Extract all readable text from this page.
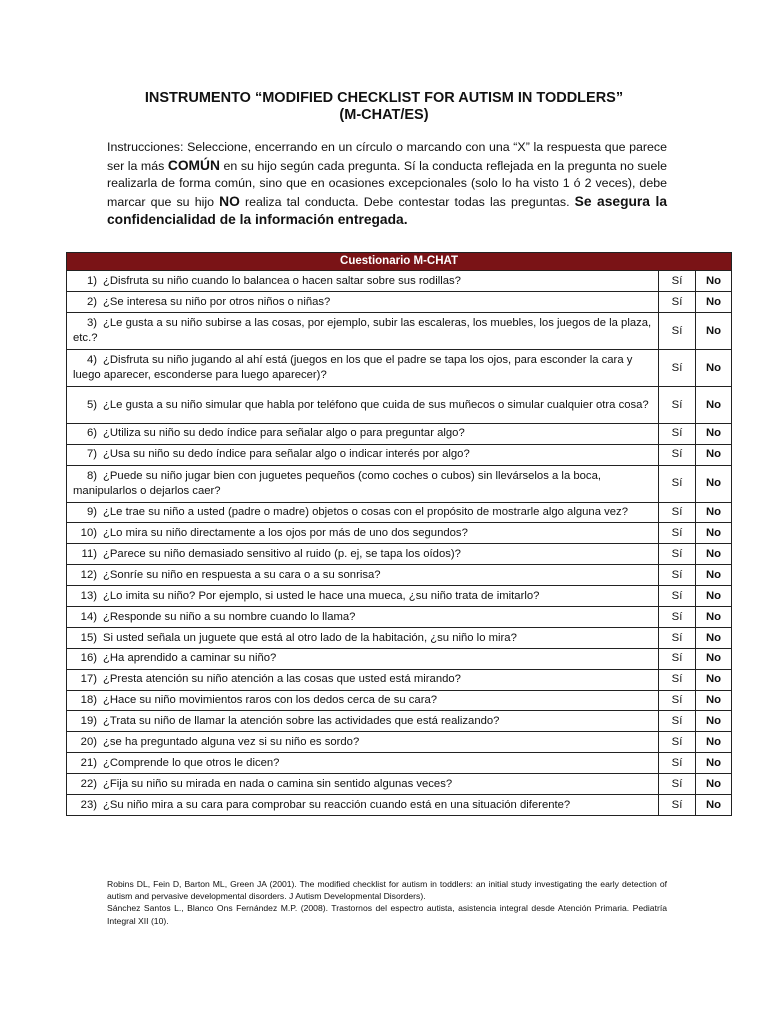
INSTRUMENTO “MODIFIED CHECKLIST FOR AUTISM IN TODDLERS”
(M-CHAT/ES)
Instrucciones: Seleccione, encerrando en un círculo o marcando con una “X” la respuesta que parece ser la más COMÚN en su hijo según cada pregunta. Sí la conducta reflejada en la pregunta no suele realizarla de forma común, sino que en ocasiones excepcionales (solo lo ha visto 1 ó 2 veces), debe marcar que su hijo NO realiza tal conducta. Debe contestar todas las preguntas. Se asegura la confidencialidad de la información entregada.
Cuestionario M-CHAT		
1) ¿Disfruta su niño cuando lo balancea o hacen saltar sobre sus rodillas?	Sí	No
2) ¿Se interesa su niño por otros niños o niñas?	Sí	No
3) ¿Le gusta a su niño subirse a las cosas, por ejemplo, subir las escaleras, los muebles, los juegos de la plaza, etc.?	Sí	No
4) ¿Disfruta su niño jugando al ahí está (juegos en los que el padre se tapa los ojos, para esconder la cara y luego aparecer, esconderse para luego aparecer)?	Sí	No
5) ¿Le gusta a su niño simular que habla por teléfono que cuida de sus muñecos o simular cualquier otra cosa?	Sí	No
6) ¿Utiliza su niño su dedo índice para señalar algo o para preguntar algo?	Sí	No
7) ¿Usa su niño su dedo índice para señalar algo o indicar interés por algo?	Sí	No
8) ¿Puede su niño jugar bien con juguetes pequeños (como coches o cubos) sin llevárselos a la boca, manipularlos o dejarlos caer?	Sí	No
9) ¿Le trae su niño a usted (padre o madre) objetos o cosas con el propósito de mostrarle algo alguna vez?	Sí	No
10) ¿Lo mira su niño directamente a los ojos por más de uno dos segundos?	Sí	No
11) ¿Parece su niño demasiado sensitivo al ruido (p. ej, se tapa los oídos)?	Sí	No
12) ¿Sonríe su niño en respuesta a su cara o a su sonrisa?	Sí	No
13) ¿Lo imita su niño? Por ejemplo, si usted le hace una mueca, ¿su niño trata de imitarlo?	Sí	No
14) ¿Responde su niño a su nombre cuando lo llama?	Sí	No
15) Si usted señala un juguete que está al otro lado de la habitación, ¿su niño lo mira?	Sí	No
16) ¿Ha aprendido a caminar su niño?	Sí	No
17) ¿Presta atención su niño atención a las cosas que usted está mirando?	Sí	No
18) ¿Hace su niño movimientos raros con los dedos cerca de su cara?	Sí	No
19) ¿Trata su niño de llamar la atención sobre las actividades que está realizando?	Sí	No
20) ¿se ha preguntado alguna vez si su niño es sordo?	Sí	No
21) ¿Comprende lo que otros le dicen?	Sí	No
22) ¿Fija su niño su mirada en nada o camina sin sentido algunas veces?	Sí	No
23) ¿Su niño mira a su cara para comprobar su reacción cuando está en una situación diferente?	Sí	No

Robins DL, Fein D, Barton ML, Green JA (2001). The modified checklist for autism in toddlers: an initial study investigating the early detection of autism and pervasive developmental disorders. J Autism Developmental Disorders).

Sánchez Santos L., Blanco Ons Fernández M.P. (2008). Trastornos del espectro autista, asistencia integral desde Atención Primaria. Pediatría Integral XII (10).
